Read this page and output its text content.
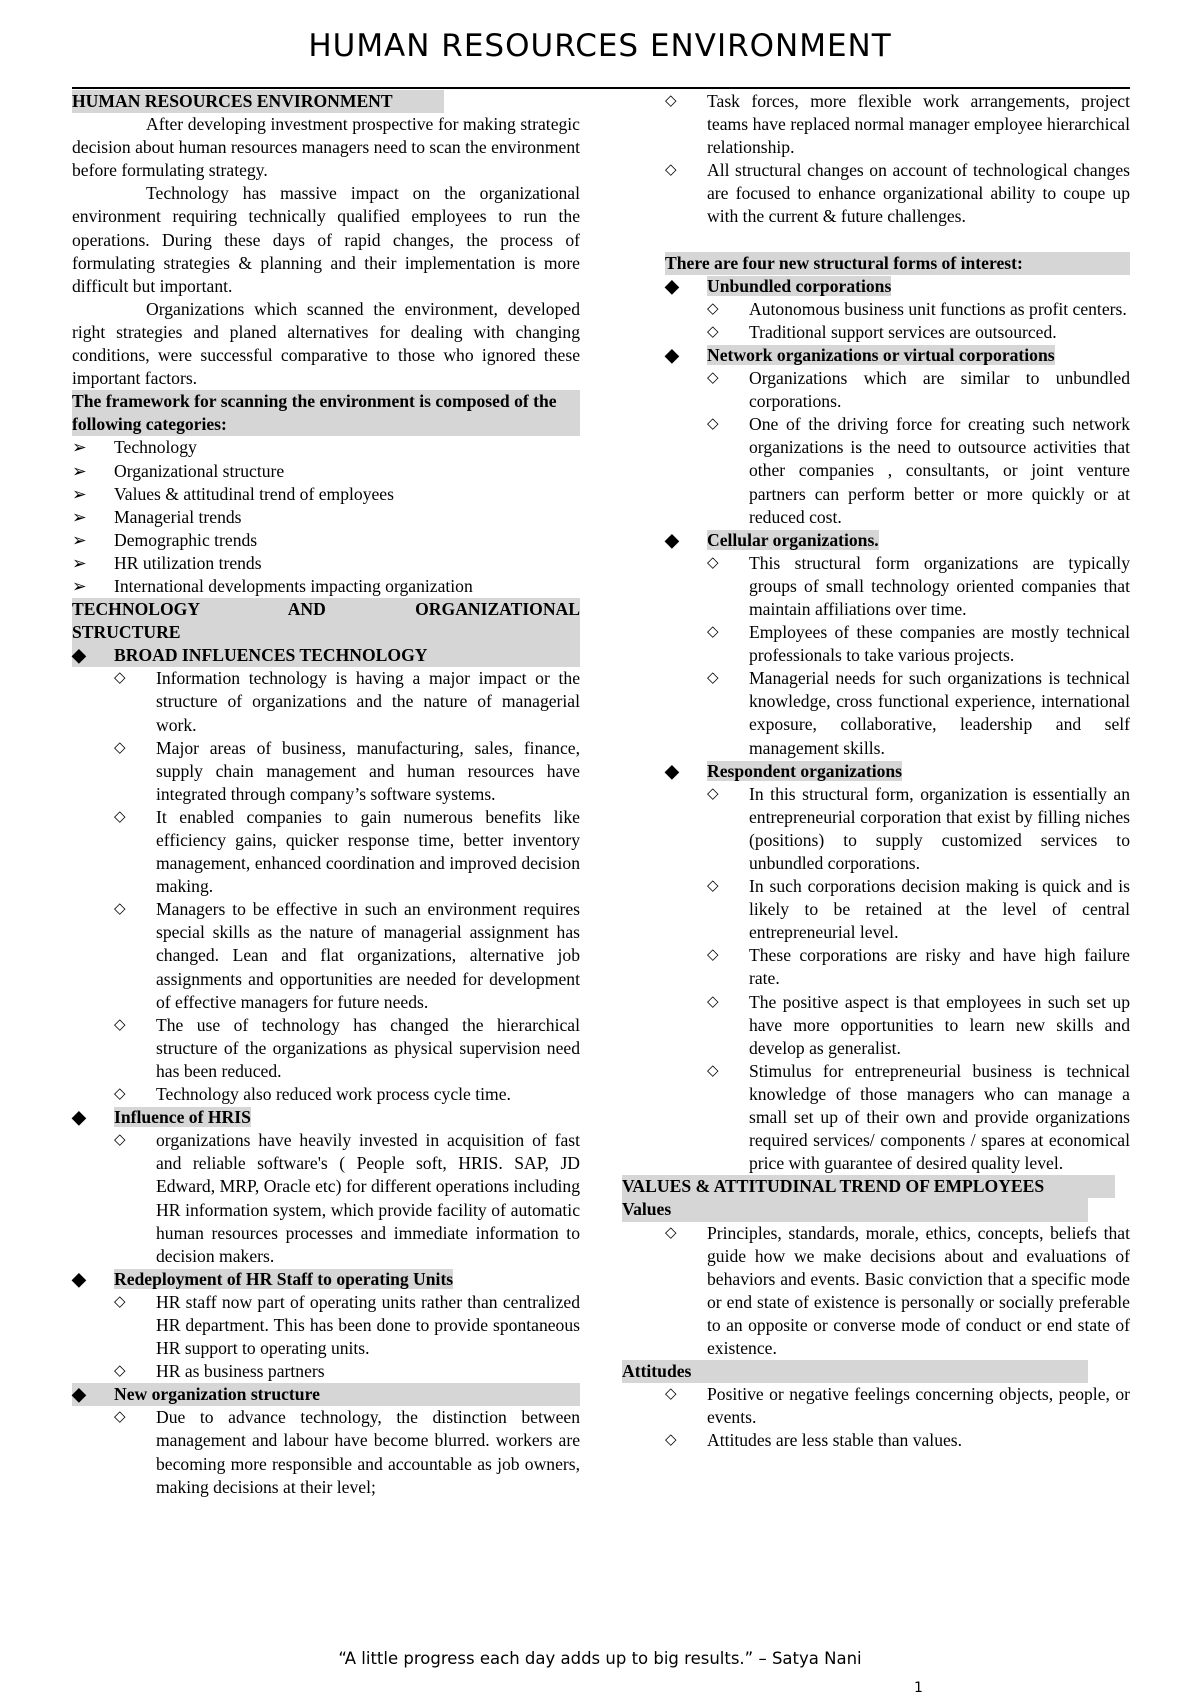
HUMAN RESOURCES ENVIRONMENT

HUMAN RESOURCES ENVIRONMENT

After developing investment prospective for making strategic decision about human resources managers need to scan the environment before formulating strategy.

Technology has massive impact on the organizational environment requiring technically qualified employees to run the operations. During these days of rapid changes, the process of formulating strategies & planning and their implementation is more difficult but important.

Organizations which scanned the environment, developed right strategies and planed alternatives for dealing with changing conditions, were successful comparative to those who ignored these important factors.

The framework for scanning the environment is composed of the following categories:

➢	Technology
➢	Organizational structure
➢	Values & attitudinal trend of employees
➢	Managerial trends
➢	Demographic trends
➢	HR utilization trends
➢	International developments impacting organization

TECHNOLOGY AND ORGANIZATIONAL STRUCTURE

◆ BROAD INFLUENCES TECHNOLOGY
◇ Information technology is having a major impact or the structure of organizations and the nature of managerial work.
◇ Major areas of business, manufacturing, sales, finance, supply chain management and human resources have integrated through company’s software systems.
◇ It enabled companies to gain numerous benefits like efficiency gains, quicker response time, better inventory management, enhanced coordination and improved decision making.
◇ Managers to be effective in such an environment requires special skills as the nature of managerial assignment has changed. Lean and flat organizations, alternative job assignments and opportunities are needed for development of effective managers for future needs.
◇ The use of technology has changed the hierarchical structure of the organizations as physical supervision need has been reduced.
◇ Technology also reduced work process cycle time.
◆ Influence of HRIS
◇ organizations have heavily invested in acquisition of fast and reliable software's ( People soft, HRIS. SAP, JD Edward, MRP, Oracle etc) for different operations including HR information system, which provide facility of automatic human resources processes and immediate information to decision makers.
◆ Redeployment of HR Staff to operating Units
◇ HR staff now part of operating units rather than centralized HR department. This has been done to provide spontaneous HR support to operating units.
◇ HR as business partners
◆ New organization structure
◇ Due to advance technology, the distinction between management and labour have become blurred. workers are becoming more responsible and accountable as job owners, making decisions at their level;
◇ Task forces, more flexible work arrangements, project teams have replaced normal manager employee hierarchical relationship.
◇ All structural changes on account of technological changes are focused to enhance organizational ability to coupe up with the current & future challenges.

There are four new structural forms of interest:

◆ Unbundled corporations
◇ Autonomous business unit functions as profit centers.
◇ Traditional support services are outsourced.
◆ Network organizations or virtual corporations
◇ Organizations which are similar to unbundled corporations.
◇ One of the driving force for creating such network organizations is the need to outsource activities that other companies , consultants, or joint venture partners can perform better or more quickly or at reduced cost.
◆ Cellular organizations.
◇ This structural form organizations are typically groups of small technology oriented companies that maintain affiliations over time.
◇ Employees of these companies are mostly technical professionals to take various projects.
◇ Managerial needs for such organizations is technical knowledge, cross functional experience, international exposure, collaborative, leadership and self management skills.
◆ Respondent organizations
◇ In this structural form, organization is essentially an entrepreneurial corporation that exist by filling niches (positions) to supply customized services to unbundled corporations.
◇ In such corporations decision making is quick and is likely to be retained at the level of central entrepreneurial level.
◇ These corporations are risky and have high failure rate.
◇ The positive aspect is that employees in such set up have more opportunities to learn new skills and develop as generalist.
◇ Stimulus for entrepreneurial business is technical knowledge of those managers who can manage a small set up of their own and provide organizations required services/ components / spares at economical price with guarantee of desired quality level.

VALUES & ATTITUDINAL TREND OF EMPLOYEES

Values

◇ Principles, standards, morale, ethics, concepts, beliefs that guide how we make decisions about and evaluations of behaviors and events. Basic conviction that a specific mode or end state of existence is personally or socially preferable to an opposite or converse mode of conduct or end state of existence.

Attitudes

◇ Positive or negative feelings concerning objects, people, or events.
◇ Attitudes are less stable than values.
“A little progress each day adds up to big results.” – Satya Nani
1
